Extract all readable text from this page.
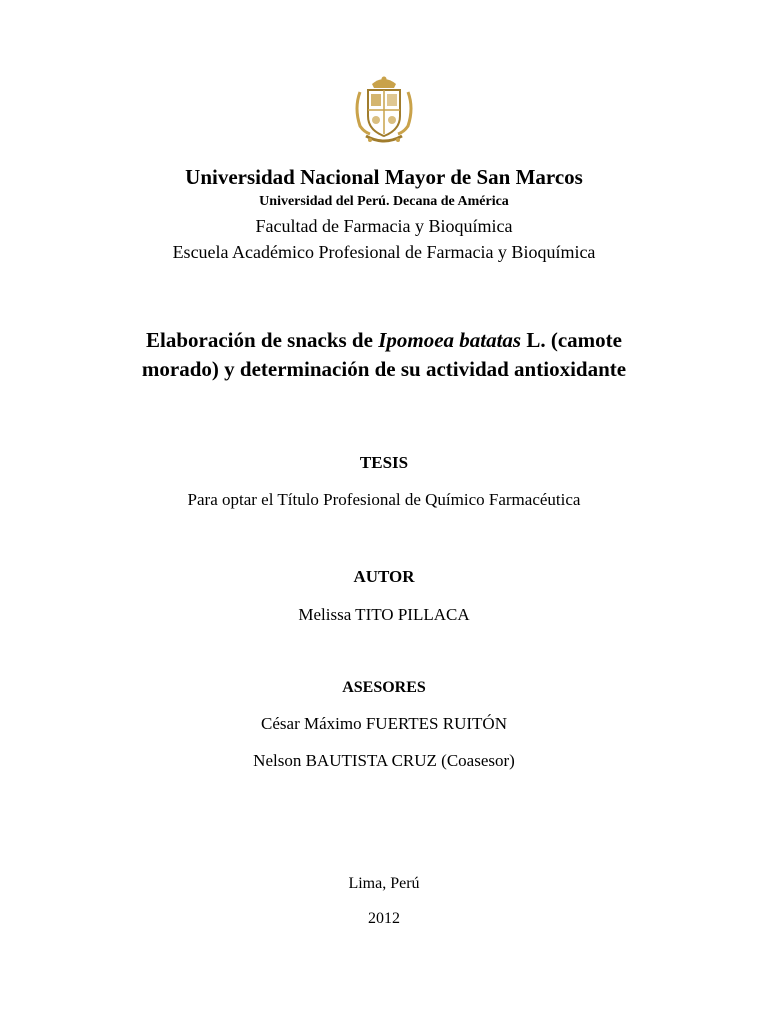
Universidad Nacional Mayor de San Marcos
Universidad del Perú. Decana de América
Facultad de Farmacia y Bioquímica
Escuela Académico Profesional de Farmacia y Bioquímica
Elaboración de snacks de Ipomoea batatas L. (camote
morado) y determinación de su actividad antioxidante
TESIS
Para optar el Título Profesional de Químico Farmacéutica
AUTOR
Melissa TITO PILLACA
ASESORES
César Máximo FUERTES RUITÓN
Nelson BAUTISTA CRUZ (Coasesor)
Lima, Perú
2012
